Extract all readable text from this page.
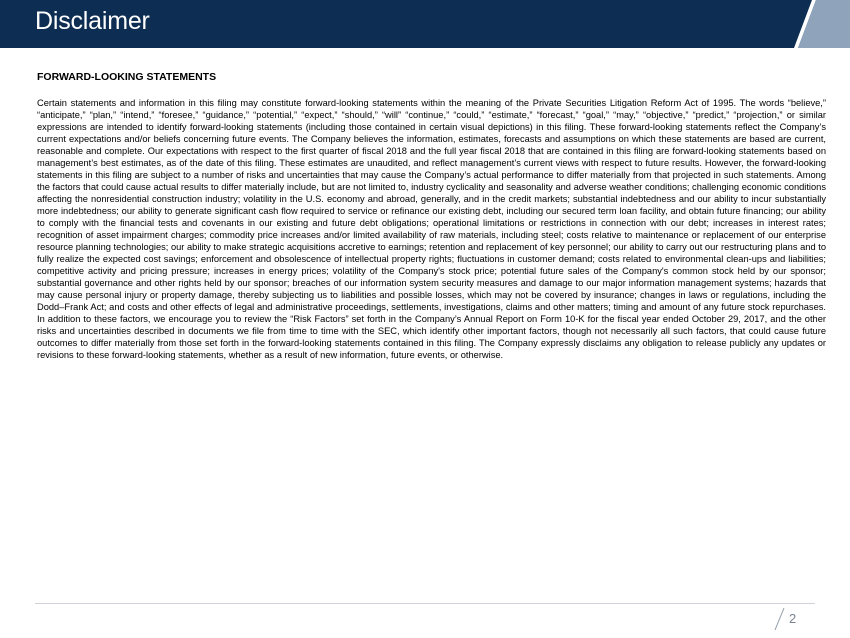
Disclaimer
FORWARD-LOOKING STATEMENTS

Certain statements and information in this filing may constitute forward-looking statements within the meaning of the Private Securities Litigation Reform Act of 1995. The words “believe,” “anticipate,” “plan,” “intend,” “foresee,” “guidance,” “potential,” “expect,” “should,” “will” “continue,” “could,” “estimate,” “forecast,” “goal,” “may,” “objective,” “predict,” “projection,” or similar expressions are intended to identify forward-looking statements (including those contained in certain visual depictions) in this filing. These forward-looking statements reflect the Company’s current expectations and/or beliefs concerning future events. The Company believes the information, estimates, forecasts and assumptions on which these statements are based are current, reasonable and complete. Our expectations with respect to the first quarter of fiscal 2018 and the full year fiscal 2018 that are contained in this filing are forward-looking statements based on management’s best estimates, as of the date of this filing. These estimates are unaudited, and reflect management’s current views with respect to future results. However, the forward-looking statements in this filing are subject to a number of risks and uncertainties that may cause the Company’s actual performance to differ materially from that projected in such statements. Among the factors that could cause actual results to differ materially include, but are not limited to, industry cyclicality and seasonality and adverse weather conditions; challenging economic conditions affecting the nonresidential construction industry; volatility in the U.S. economy and abroad, generally, and in the credit markets; substantial indebtedness and our ability to incur substantially more indebtedness; our ability to generate significant cash flow required to service or refinance our existing debt, including our secured term loan facility, and obtain future financing; our ability to comply with the financial tests and covenants in our existing and future debt obligations; operational limitations or restrictions in connection with our debt; increases in interest rates; recognition of asset impairment charges; commodity price increases and/or limited availability of raw materials, including steel; costs relative to maintenance or replacement of our enterprise resource planning technologies; our ability to make strategic acquisitions accretive to earnings; retention and replacement of key personnel; our ability to carry out our restructuring plans and to fully realize the expected cost savings; enforcement and obsolescence of intellectual property rights; fluctuations in customer demand; costs related to environmental clean-ups and liabilities; competitive activity and pricing pressure; increases in energy prices; volatility of the Company's stock price; potential future sales of the Company's common stock held by our sponsor; substantial governance and other rights held by our sponsor; breaches of our information system security measures and damage to our major information management systems; hazards that may cause personal injury or property damage, thereby subjecting us to liabilities and possible losses, which may not be covered by insurance; changes in laws or regulations, including the Dodd–Frank Act; and costs and other effects of legal and administrative proceedings, settlements, investigations, claims and other matters; timing and amount of any future stock repurchases. In addition to these factors, we encourage you to review the “Risk Factors” set forth in the Company’s Annual Report on Form 10-K for the fiscal year ended October 29, 2017, and the other risks and uncertainties described in documents we file from time to time with the SEC, which identify other important factors, though not necessarily all such factors, that could cause future outcomes to differ materially from those set forth in the forward-looking statements contained in this filing. The Company expressly disclaims any obligation to release publicly any updates or revisions to these forward-looking statements, whether as a result of new information, future events, or otherwise.

2
